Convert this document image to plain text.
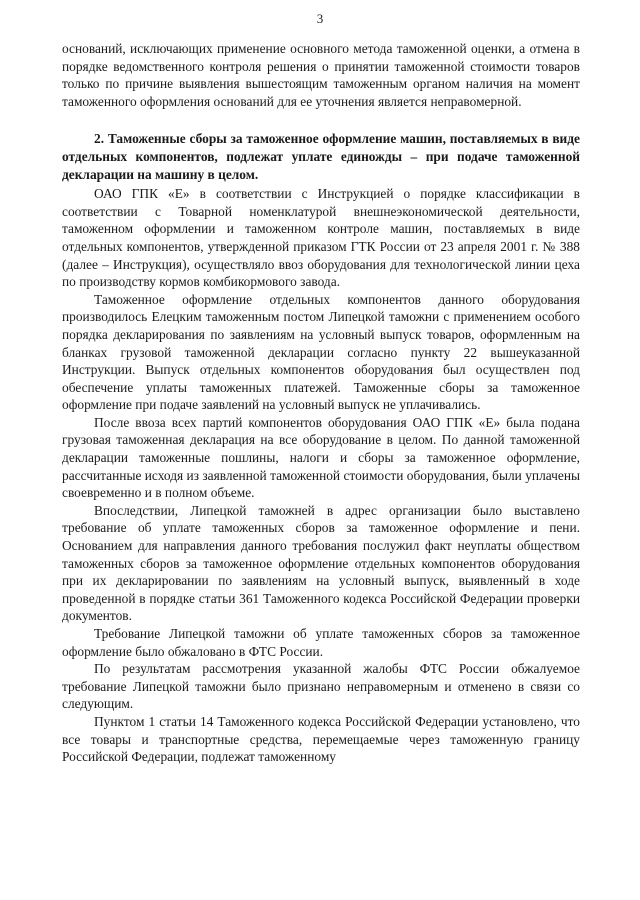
3

оснований, исключающих применение основного метода таможенной оценки, а отмена в порядке ведомственного контроля решения о принятии таможенной стоимости товаров только по причине выявления вышестоящим таможенным органом наличия на момент таможенного оформления оснований для ее уточнения является неправомерной.

2. Таможенные сборы за таможенное оформление машин, поставляемых в виде отдельных компонентов, подлежат уплате единожды – при подаче таможенной декларации на машину в целом.

ОАО ГПК «Е» в соответствии с Инструкцией о порядке классификации в соответствии с Товарной номенклатурой внешнеэкономической деятельности, таможенном оформлении и таможенном контроле машин, поставляемых в виде отдельных компонентов, утвержденной приказом ГТК России от 23 апреля 2001 г. № 388 (далее – Инструкция), осуществляло ввоз оборудования для технологической линии цеха по производству кормов комбикормового завода.

Таможенное оформление отдельных компонентов данного оборудования производилось Елецким таможенным постом Липецкой таможни с применением особого порядка декларирования по заявлениям на условный выпуск товаров, оформленным на бланках грузовой таможенной декларации согласно пункту 22 вышеуказанной Инструкции. Выпуск отдельных компонентов оборудования был осуществлен под обеспечение уплаты таможенных платежей. Таможенные сборы за таможенное оформление при подаче заявлений на условный выпуск не уплачивались.

После ввоза всех партий компонентов оборудования ОАО ГПК «Е» была подана грузовая таможенная декларация на все оборудование в целом. По данной таможенной декларации таможенные пошлины, налоги и сборы за таможенное оформление, рассчитанные исходя из заявленной таможенной стоимости оборудования, были уплачены своевременно и в полном объеме.

Впоследствии, Липецкой таможней в адрес организации было выставлено требование об уплате таможенных сборов за таможенное оформление и пени. Основанием для направления данного требования послужил факт неуплаты обществом таможенных сборов за таможенное оформление отдельных компонентов оборудования при их декларировании по заявлениям на условный выпуск, выявленный в ходе проведенной в порядке статьи 361 Таможенного кодекса Российской Федерации проверки документов.

Требование Липецкой таможни об уплате таможенных сборов за таможенное оформление было обжаловано в ФТС России.

По результатам рассмотрения указанной жалобы ФТС России обжалуемое требование Липецкой таможни было признано неправомерным и отменено в связи со следующим.

Пунктом 1 статьи 14 Таможенного кодекса Российской Федерации установлено, что все товары и транспортные средства, перемещаемые через таможенную границу Российской Федерации, подлежат таможенному
